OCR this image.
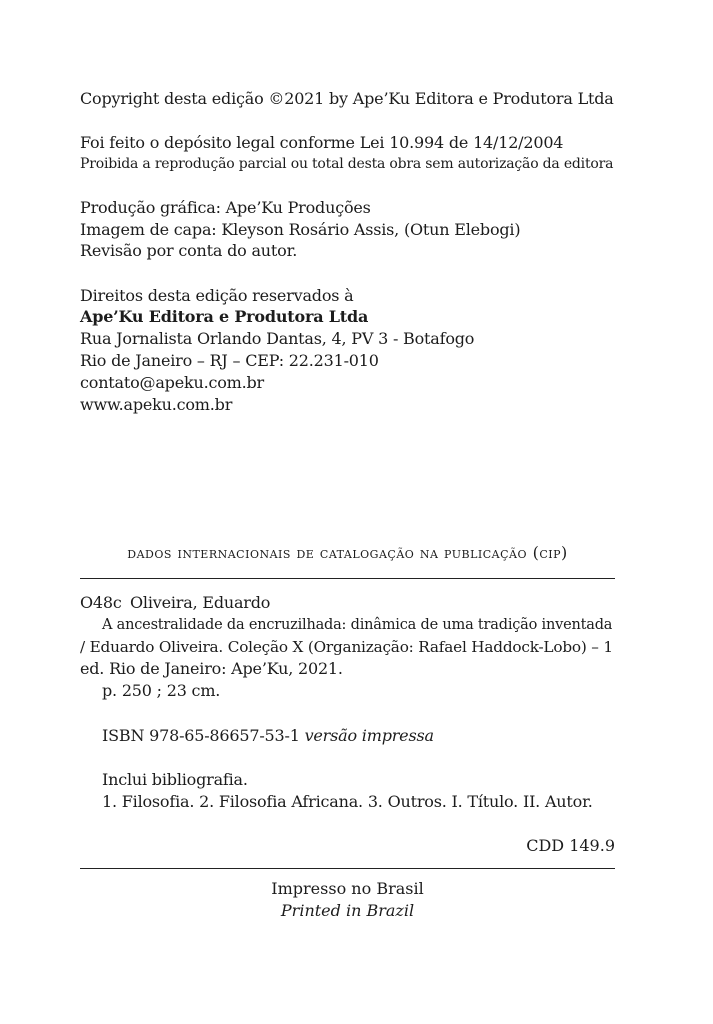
Copyright desta edição ©2021 by Ape’Ku Editora e Produtora Ltda
Foi feito o depósito legal conforme Lei 10.994 de 14/12/2004
Proibida a reprodução parcial ou total desta obra sem autorização da editora
Produção gráfica: Ape’Ku Produções
Imagem de capa: Kleyson Rosário Assis, (Otun Elebogi)
Revisão por conta do autor.
Direitos desta edição reservados à
Ape’Ku Editora e Produtora Ltda
Rua Jornalista Orlando Dantas, 4, PV 3 - Botafogo
Rio de Janeiro – RJ – CEP: 22.231-010
contato@apeku.com.br
www.apeku.com.br
dados internacionais de catalogação na publicação (cip)
O48c Oliveira, Eduardo
A ancestralidade da encruzilhada: dinâmica de uma tradição inventada
/ Eduardo Oliveira. Coleção X (Organização: Rafael Haddock-Lobo) – 1
ed. Rio de Janeiro: Ape’Ku, 2021.
p. 250 ; 23 cm.
ISBN 978-65-86657-53-1 versão impressa
Inclui bibliografia.
1. Filosofia. 2. Filosofia Africana. 3. Outros. I. Título. II. Autor.
CDD 149.9
Impresso no Brasil
Printed in Brazil
